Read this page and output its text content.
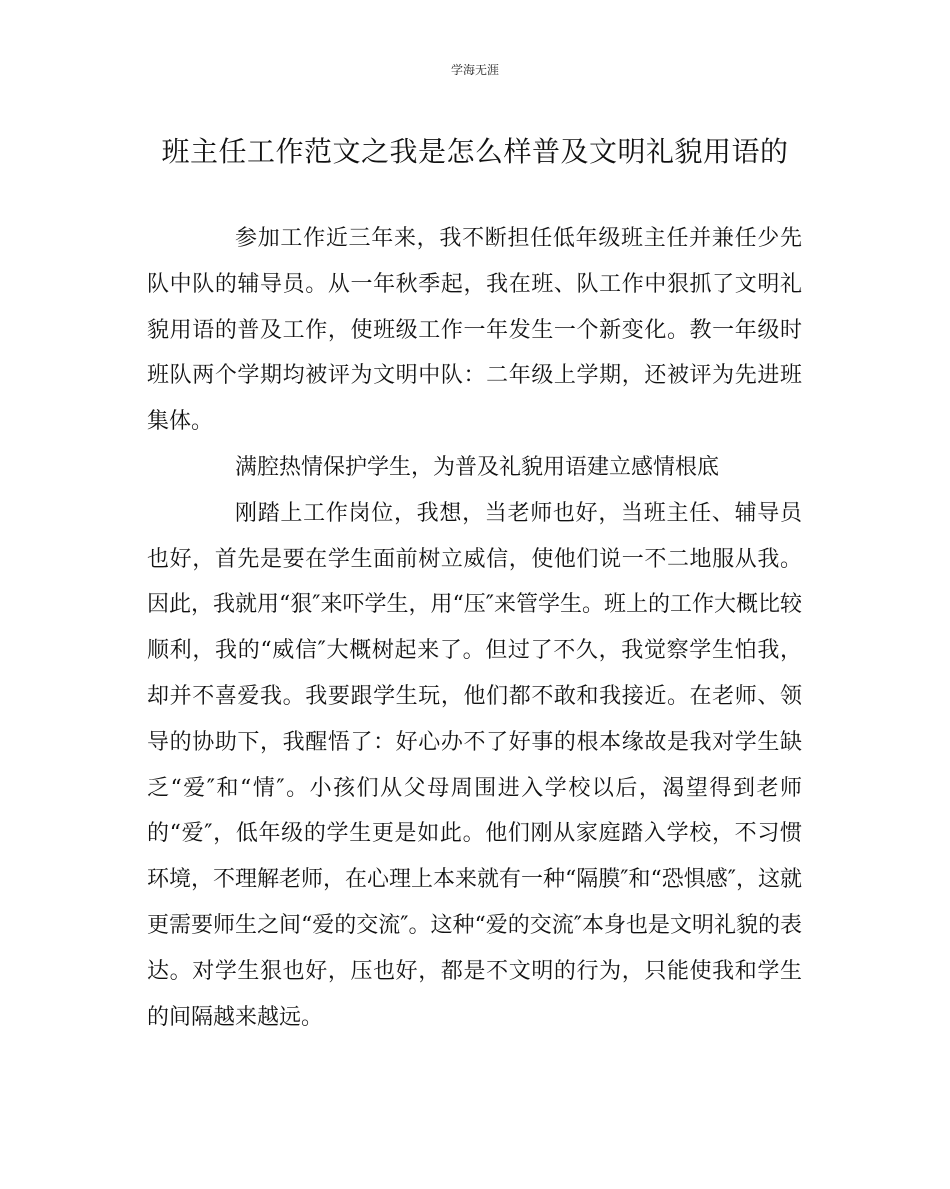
学海无涯
班主任工作范文之我是怎么样普及文明礼貌用语的

参加工作近三年来，我不断担任低年级班主任并兼任少先队中队的辅导员。从一年秋季起，我在班、队工作中狠抓了文明礼貌用语的普及工作，使班级工作一年发生一个新变化。教一年级时班队两个学期均被评为文明中队：二年级上学期，还被评为先进班集体。

满腔热情保护学生，为普及礼貌用语建立感情根底

刚踏上工作岗位，我想，当老师也好，当班主任、辅导员也好，首先是要在学生面前树立威信，使他们说一不二地服从我。因此，我就用“狠″来吓学生，用“压″来管学生。班上的工作大概比较顺利，我的“威信″大概树起来了。但过了不久，我觉察学生怕我，却并不喜爱我。我要跟学生玩，他们都不敢和我接近。在老师、领导的协助下，我醒悟了：好心办不了好事的根本缘故是我对学生缺乏“爱″和“情″。小孩们从父母周围进入学校以后，渴望得到老师的“爱″，低年级的学生更是如此。他们刚从家庭踏入学校，不习惯环境，不理解老师，在心理上本来就有一种“隔膜″和“恐惧感″，这就更需要师生之间“爱的交流″。这种“爱的交流″本身也是文明礼貌的表达。对学生狠也好，压也好，都是不文明的行为，只能使我和学生的间隔越来越远。
